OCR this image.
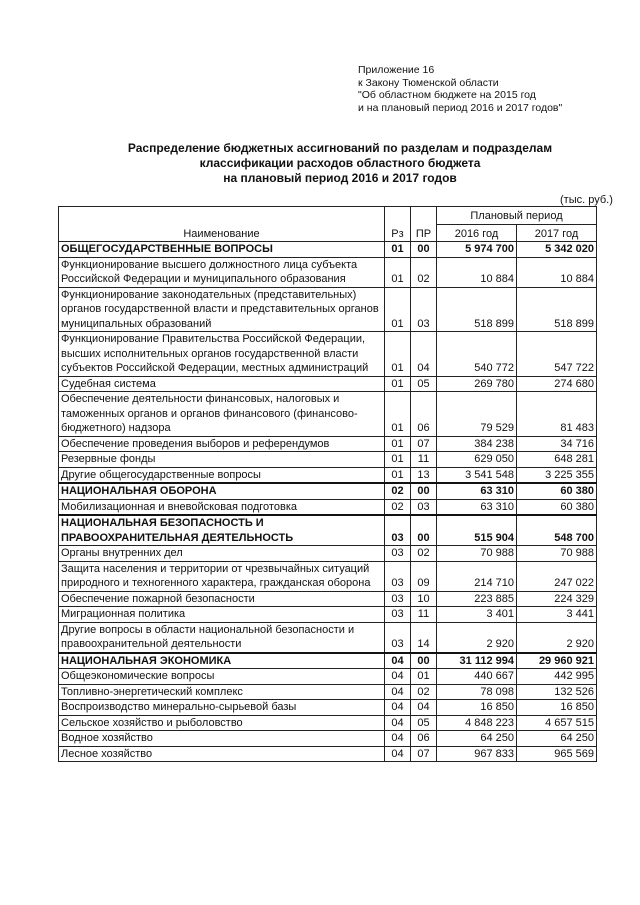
Приложение 16
к Закону Тюменской области
"Об областном бюджете на 2015 год
и на плановый период 2016 и 2017 годов"
Распределение бюджетных ассигнований по разделам и подразделам
классификации расходов областного бюджета
на плановый период 2016 и 2017 годов
(тыс. руб.)
Наименование	Рз	ПР	Плановый период	
			2016 год	2017 год
ОБЩЕГОСУДАРСТВЕННЫЕ ВОПРОСЫ	01	00	5 974 700	5 342 020
Функционирование высшего должностного лица субъекта Российской Федерации и муниципального образования	01	02	10 884	10 884
Функционирование законодательных (представительных) органов государственной власти и представительных органов муниципальных образований	01	03	518 899	518 899
Функционирование Правительства Российской Федерации, высших исполнительных органов государственной власти субъектов Российской Федерации, местных администраций	01	04	540 772	547 722
Судебная система	01	05	269 780	274 680
Обеспечение деятельности финансовых, налоговых и таможенных органов и органов финансового (финансово-бюджетного) надзора	01	06	79 529	81 483
Обеспечение проведения выборов и референдумов	01	07	384 238	34 716
Резервные фонды	01	11	629 050	648 281
Другие общегосударственные вопросы	01	13	3 541 548	3 225 355
НАЦИОНАЛЬНАЯ ОБОРОНА	02	00	63 310	60 380
Мобилизационная и вневойсковая подготовка	02	03	63 310	60 380
НАЦИОНАЛЬНАЯ БЕЗОПАСНОСТЬ И ПРАВООХРАНИТЕЛЬНАЯ ДЕЯТЕЛЬНОСТЬ	03	00	515 904	548 700
Органы внутренних дел	03	02	70 988	70 988
Защита населения и территории от чрезвычайных ситуаций природного и техногенного характера, гражданская оборона	03	09	214 710	247 022
Обеспечение пожарной безопасности	03	10	223 885	224 329
Миграционная политика	03	11	3 401	3 441
Другие вопросы в области национальной безопасности и правоохранительной деятельности	03	14	2 920	2 920
НАЦИОНАЛЬНАЯ ЭКОНОМИКА	04	00	31 112 994	29 960 921
Общеэкономические вопросы	04	01	440 667	442 995
Топливно-энергетический комплекс	04	02	78 098	132 526
Воспроизводство минерально-сырьевой базы	04	04	16 850	16 850
Сельское хозяйство и рыболовство	04	05	4 848 223	4 657 515
Водное хозяйство	04	06	64 250	64 250
Лесное хозяйство	04	07	967 833	965 569
